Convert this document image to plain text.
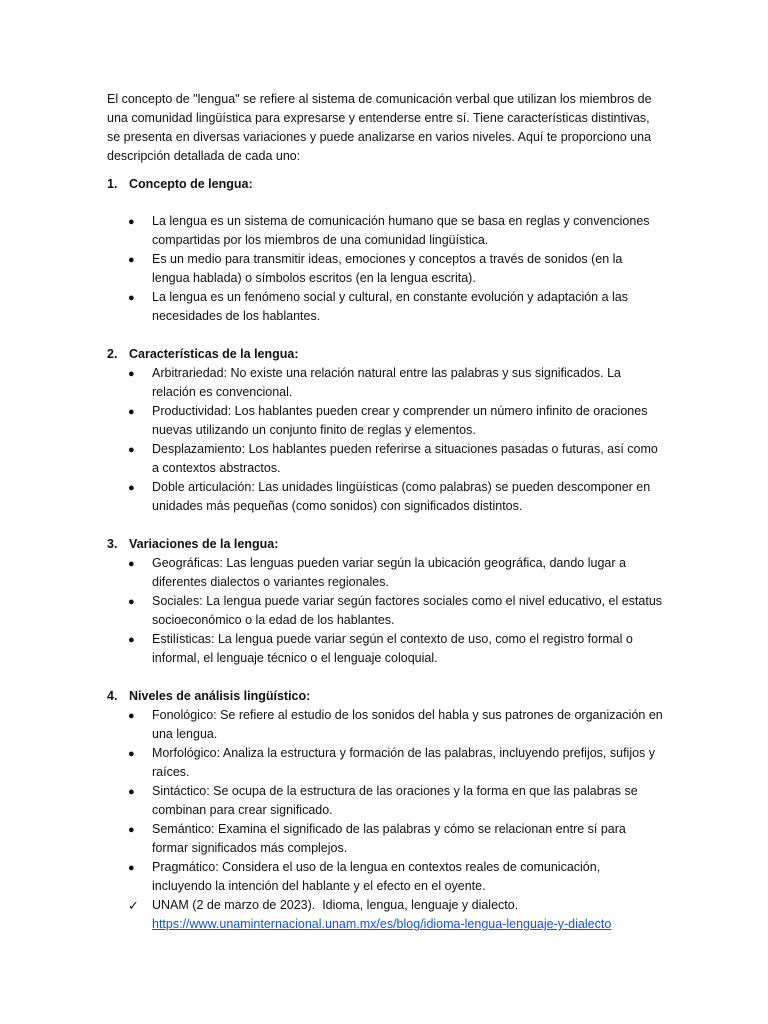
El concepto de "lengua" se refiere al sistema de comunicación verbal que utilizan los miembros de una comunidad lingüística para expresarse y entenderse entre sí. Tiene características distintivas, se presenta en diversas variaciones y puede analizarse en varios niveles. Aquí te proporciono una descripción detallada de cada uno:

1. Concepto de lengua:
●	La lengua es un sistema de comunicación humano que se basa en reglas y convenciones compartidas por los miembros de una comunidad lingüística.
●	Es un medio para transmitir ideas, emociones y conceptos a través de sonidos (en la lengua hablada) o símbolos escritos (en la lengua escrita).
●	La lengua es un fenómeno social y cultural, en constante evolución y adaptación a las necesidades de los hablantes.
2. Características de la lengua:
●	Arbitrariedad: No existe una relación natural entre las palabras y sus significados. La relación es convencional.
●	Productividad: Los hablantes pueden crear y comprender un número infinito de oraciones nuevas utilizando un conjunto finito de reglas y elementos.
●	Desplazamiento: Los hablantes pueden referirse a situaciones pasadas o futuras, así como a contextos abstractos.
●	Doble articulación: Las unidades lingüísticas (como palabras) se pueden descomponer en unidades más pequeñas (como sonidos) con significados distintos.
3. Variaciones de la lengua:
●	Geográficas: Las lenguas pueden variar según la ubicación geográfica, dando lugar a diferentes dialectos o variantes regionales.
●	Sociales: La lengua puede variar según factores sociales como el nivel educativo, el estatus socioeconómico o la edad de los hablantes.
●	Estilísticas: La lengua puede variar según el contexto de uso, como el registro formal o informal, el lenguaje técnico o el lenguaje coloquial.
4. Niveles de análisis lingüístico:
●	Fonológico: Se refiere al estudio de los sonidos del habla y sus patrones de organización en una lengua.
●	Morfológico: Analiza la estructura y formación de las palabras, incluyendo prefijos, sufijos y raíces.
●	Sintáctico: Se ocupa de la estructura de las oraciones y la forma en que las palabras se combinan para crear significado.
●	Semántico: Examina el significado de las palabras y cómo se relacionan entre sí para formar significados más complejos.
●	Pragmático: Considera el uso de la lengua en contextos reales de comunicación, incluyendo la intención del hablante y el efecto en el oyente.
✓	UNAM (2 de marzo de 2023).  Idioma, lengua, lenguaje y dialecto.
https://www.unaminternacional.unam.mx/es/blog/idioma-lengua-lenguaje-y-dialecto
